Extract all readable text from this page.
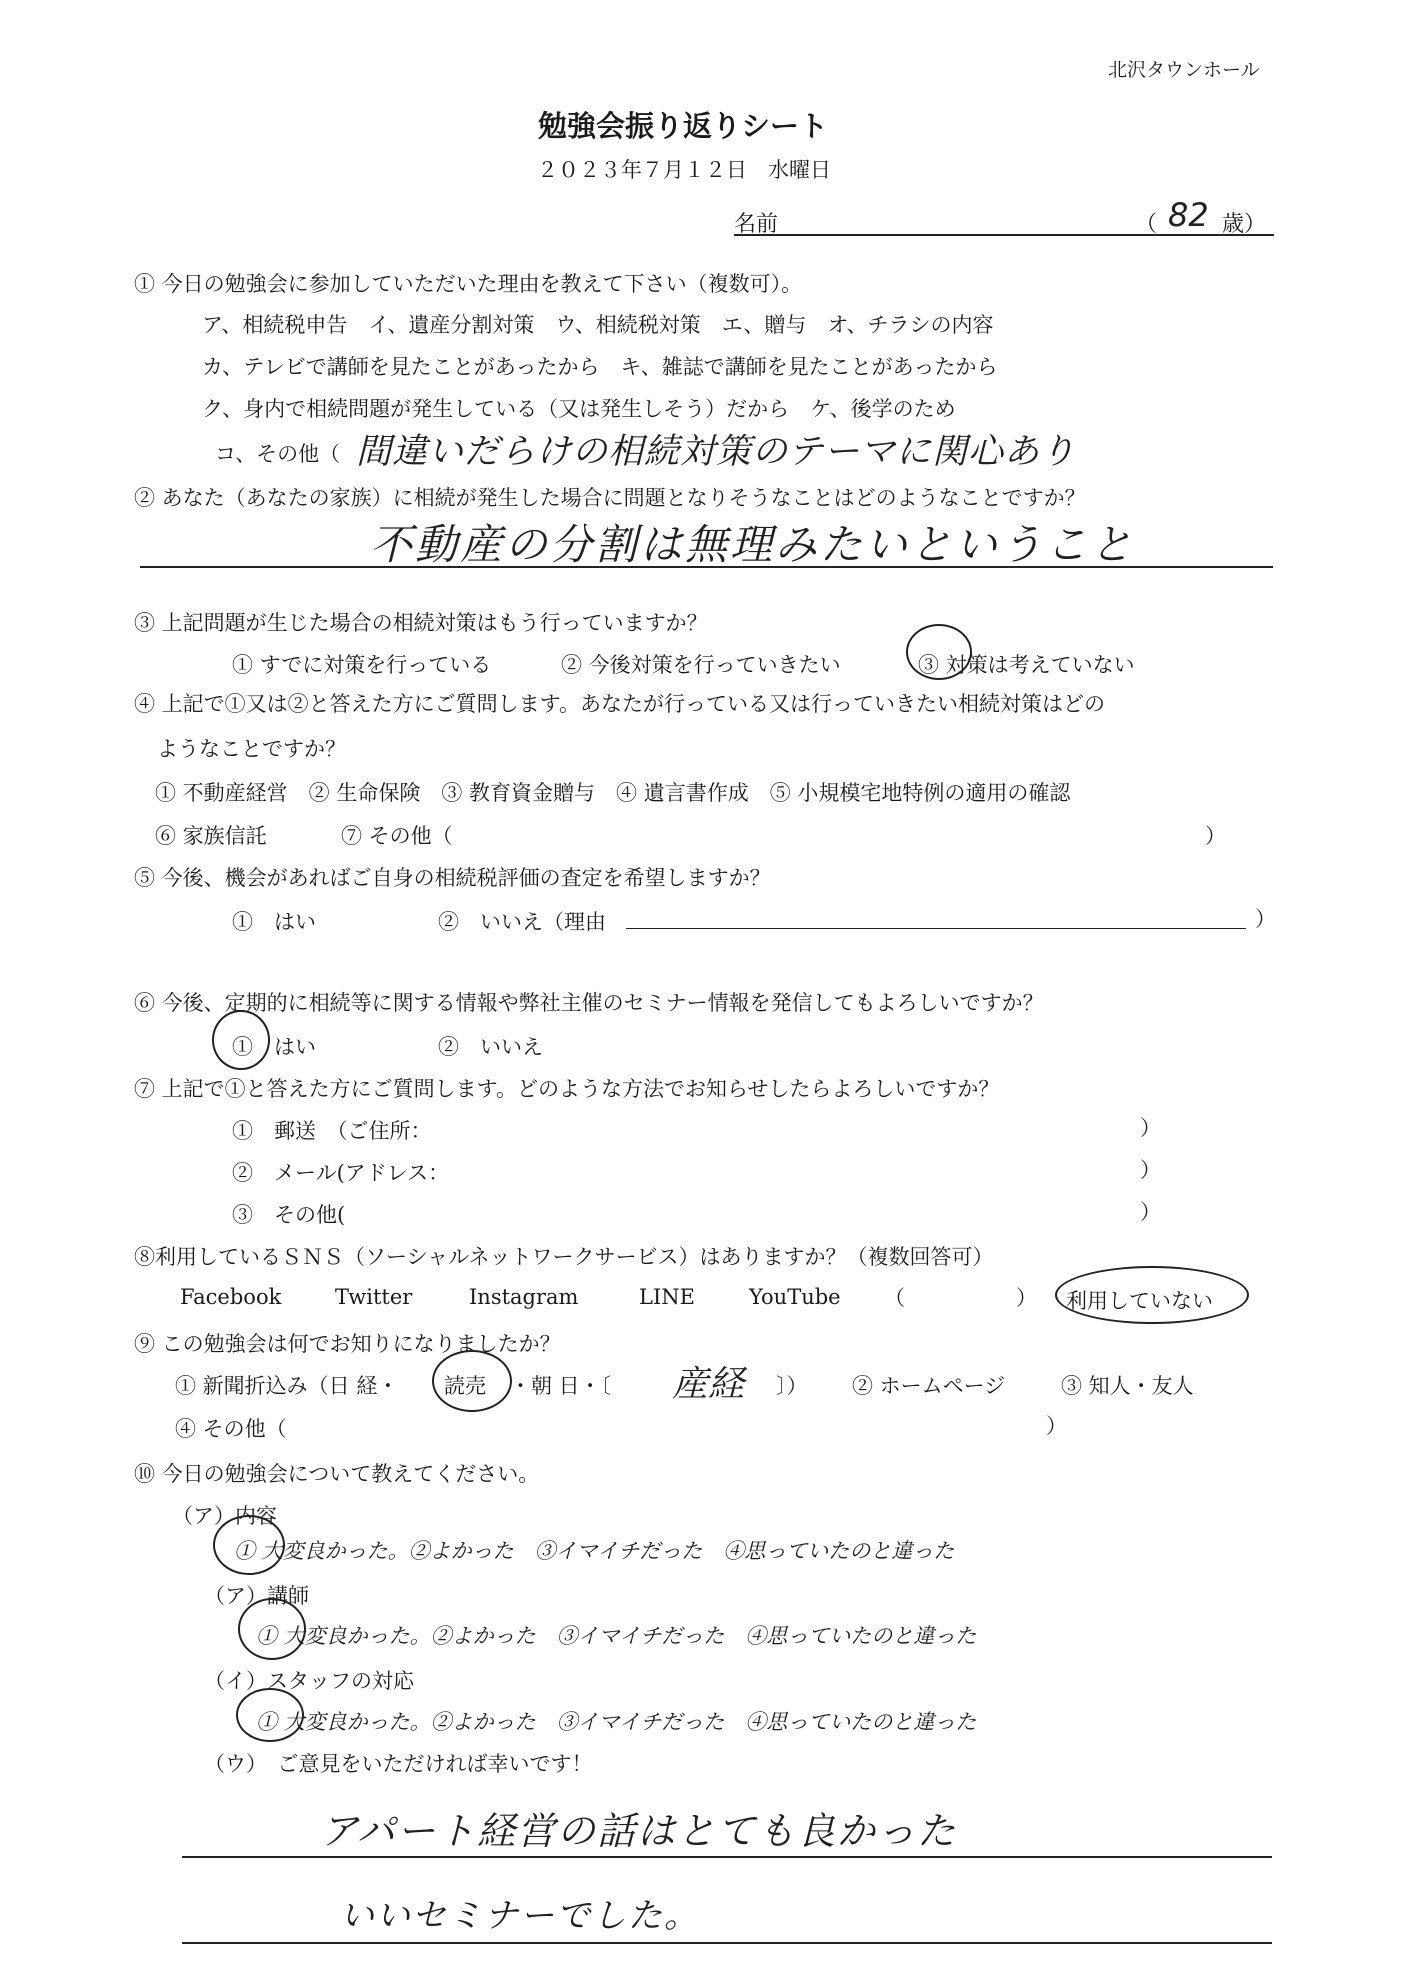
北沢タウンホール
勉強会振り返りシート
２０２３年７月１２日　水曜日
名前	（ 82 歳）
① 今日の勉強会に参加していただいた理由を教えて下さい（複数可）。
ア、相続税申告　イ、遺産分割対策　ウ、相続税対策　エ、贈与　オ、チラシの内容
カ、テレビで講師を見たことがあったから　キ、雑誌で講師を見たことがあったから
ク、身内で相続問題が発生している（又は発生しそう）だから　ケ、後学のため
コ、その他（ 間違いだらけの相続対策のテーマに関心あり
② あなた（あなたの家族）に相続が発生した場合に問題となりそうなことはどのようなことですか？
不動産の分割は無理みたいということ
③ 上記問題が生じた場合の相続対策はもう行っていますか？
① すでに対策を行っている	② 今後対策を行っていきたい	③ 対策は考えていない
④ 上記で①又は②と答えた方にご質問します。あなたが行っている又は行っていきたい相続対策はどの
ようなことですか？
① 不動産経営　② 生命保険　③ 教育資金贈与　④ 遺言書作成　⑤ 小規模宅地特例の適用の確認
⑥ 家族信託	⑦ その他（	）
⑤ 今後、機会があればご自身の相続税評価の査定を希望しますか？
①　はい	②　いいえ（理由	）
⑥ 今後、定期的に相続等に関する情報や弊社主催のセミナー情報を発信してもよろしいですか？
①　はい	②　いいえ
⑦ 上記で①と答えた方にご質問します。どのような方法でお知らせしたらよろしいですか？
①　郵送　（ご住所：	）
②　メール(アドレス：	）
③　その他(	）
⑧利用しているＳＮＳ（ソーシャルネットワークサービス）はありますか？（複数回答可）
Facebook	Twitter	Instagram	LINE	YouTube （	） 利用していない
⑨ この勉強会は何でお知りになりましたか？
① 新聞折込み（日 経・ 読売 ・朝 日・〔 産経 〕） ② ホームページ	③ 知人・友人
④ その他（	）
⑩ 今日の勉強会について教えてください。
（ア）内容
① 大変良かった。②よかった　③イマイチだった　④思っていたのと違った
（ア）講師
① 大変良かった。②よかった　③イマイチだった　④思っていたのと違った
（イ）スタッフの対応
① 大変良かった。②よかった　③イマイチだった　④思っていたのと違った
（ウ）　ご意見をいただければ幸いです！
アパート経営の話はとても良かった
いいセミナーでした。
